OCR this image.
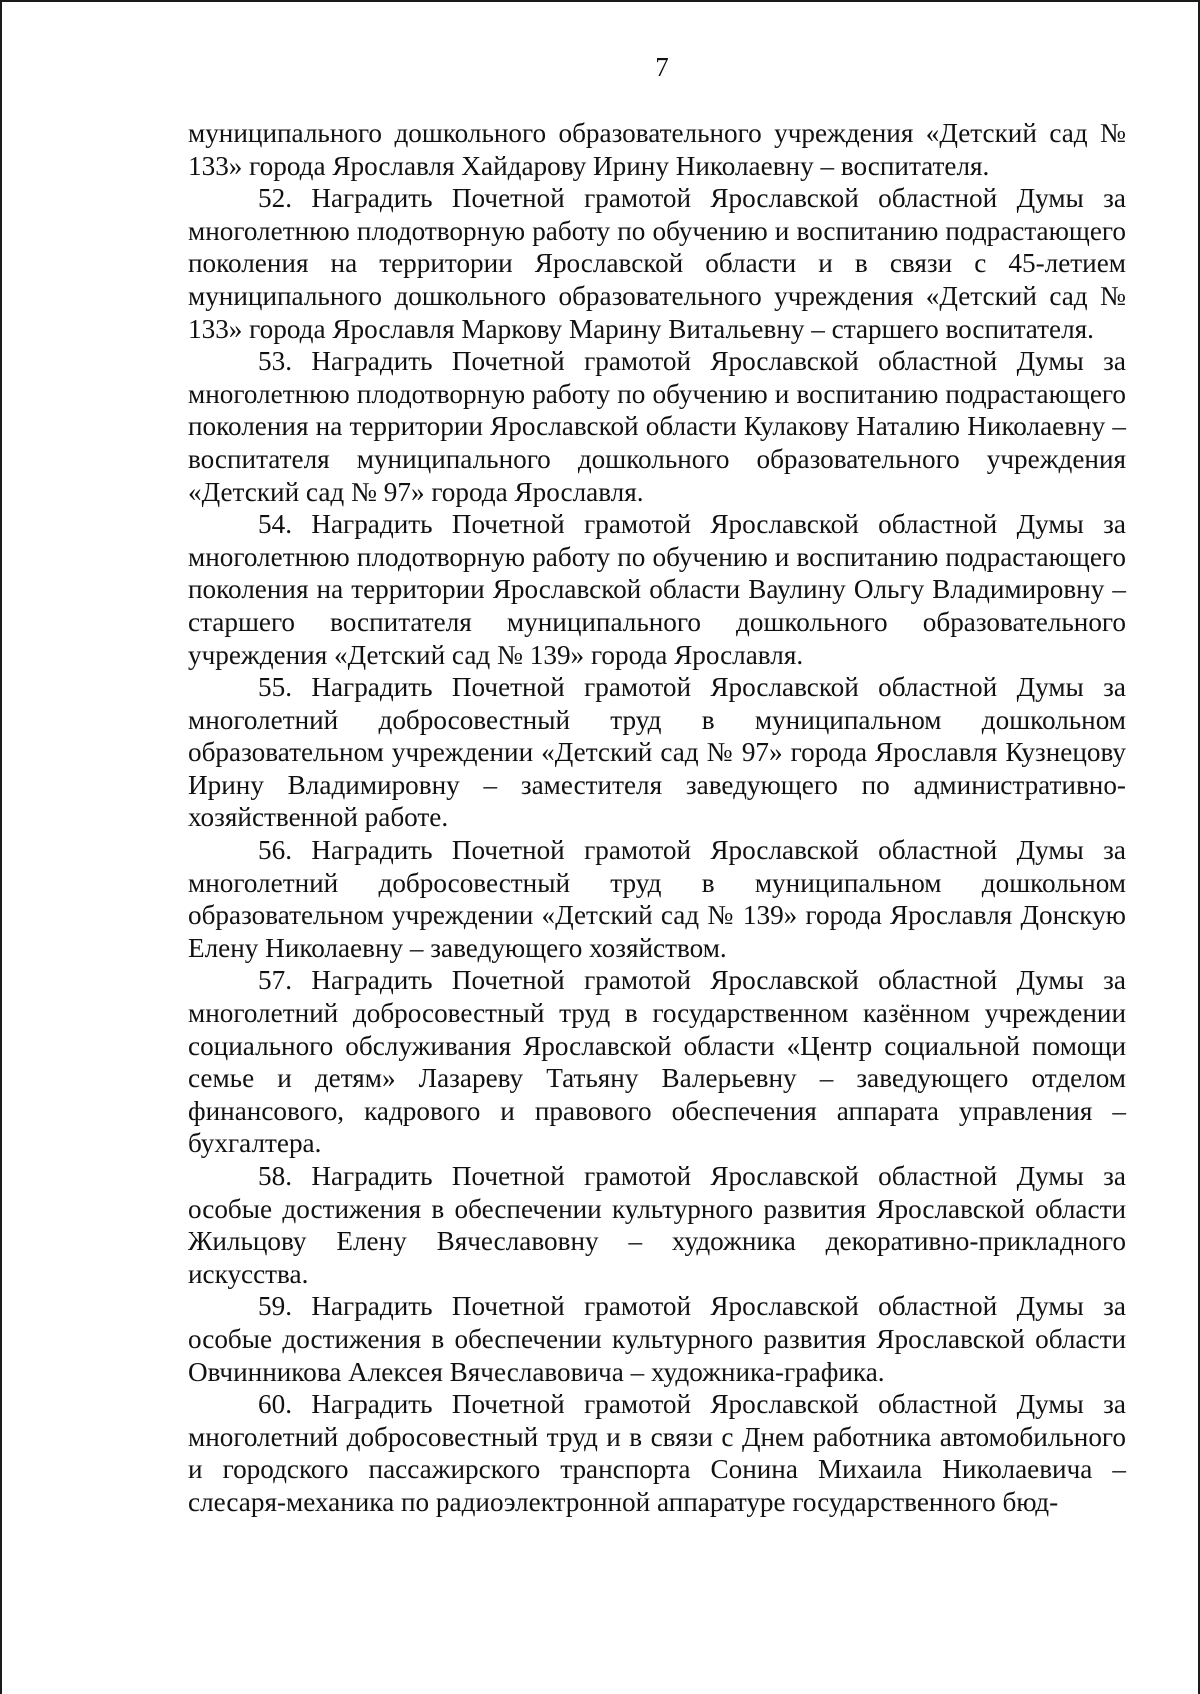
7

муниципального дошкольного образовательного учреждения «Детский сад № 133» города Ярославля Хайдарову Ирину Николаевну – воспитателя.

52. Наградить Почетной грамотой Ярославской областной Думы за многолетнюю плодотворную работу по обучению и воспитанию подрастающего поколения на территории Ярославской области и в связи с 45-летием муниципального дошкольного образовательного учреждения «Детский сад № 133» города Ярославля Маркову Марину Витальевну – старшего воспитателя.

53. Наградить Почетной грамотой Ярославской областной Думы за многолетнюю плодотворную работу по обучению и воспитанию подрастающего поколения на территории Ярославской области Кулакову Наталию Николаевну – воспитателя муниципального дошкольного образовательного учреждения «Детский сад № 97» города Ярославля.

54. Наградить Почетной грамотой Ярославской областной Думы за многолетнюю плодотворную работу по обучению и воспитанию подрастающего поколения на территории Ярославской области Ваулину Ольгу Владимировну – старшего воспитателя муниципального дошкольного образовательного учреждения «Детский сад № 139» города Ярославля.

55. Наградить Почетной грамотой Ярославской областной Думы за многолетний добросовестный труд в муниципальном дошкольном образовательном учреждении «Детский сад № 97» города Ярославля Кузнецову Ирину Владимировну – заместителя заведующего по административно-хозяйственной работе.

56. Наградить Почетной грамотой Ярославской областной Думы за многолетний добросовестный труд в муниципальном дошкольном образовательном учреждении «Детский сад № 139» города Ярославля Донскую Елену Николаевну – заведующего хозяйством.

57. Наградить Почетной грамотой Ярославской областной Думы за многолетний добросовестный труд в государственном казённом учреждении социального обслуживания Ярославской области «Центр социальной помощи семье и детям» Лазареву Татьяну Валерьевну – заведующего отделом финансового, кадрового и правового обеспечения аппарата управления – бухгалтера.

58. Наградить Почетной грамотой Ярославской областной Думы за особые достижения в обеспечении культурного развития Ярославской области Жильцову Елену Вячеславовну – художника декоративно-прикладного искусства.

59. Наградить Почетной грамотой Ярославской областной Думы за особые достижения в обеспечении культурного развития Ярославской области Овчинникова Алексея Вячеславовича – художника-графика.

60. Наградить Почетной грамотой Ярославской областной Думы за многолетний добросовестный труд и в связи с Днем работника автомобильного и городского пассажирского транспорта Сонина Михаила Николаевича – слесаря-механика по радиоэлектронной аппаратуре государственного бюд-
